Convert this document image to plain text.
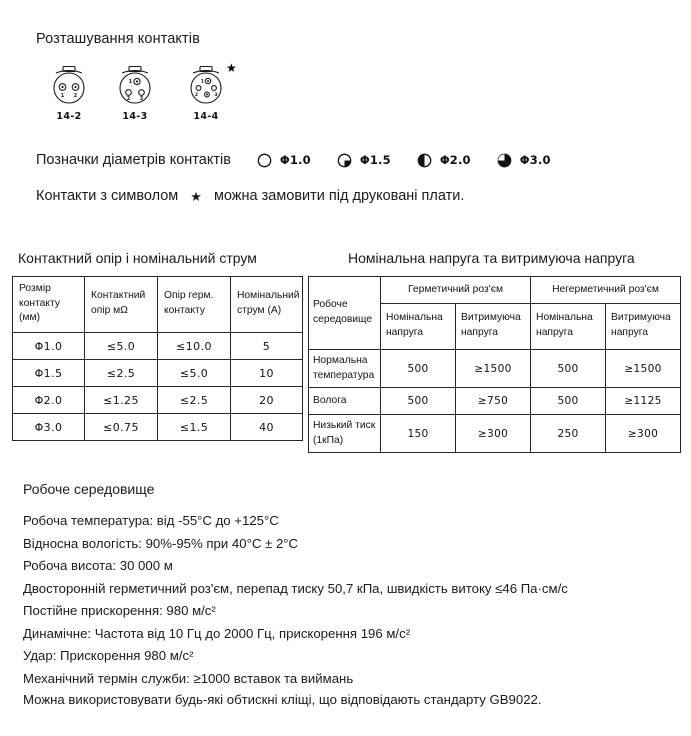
Розташування контактів
1 2
14-2
1
2 3
14-3
1
2	3
★
14-4
Позначки діаметрів контактів	Φ1.0	Φ1.5	Φ2.0	Φ3.0
Контакти з символом ★ можна замовити під друковані плати.
Контактний опір і номінальний струм
Розмір контакту (мм)	Контактний опір мΩ	Опір герм. контакту	Номінальний струм (А)
Φ1.0	≤5.0	≤10.0	5
Φ1.5	≤2.5	≤5.0	10
Φ2.0	≤1.25	≤2.5	20
Φ3.0	≤0.75	≤1.5	40
Номінальна напруга та витримуюча напруга
Робоче середовище	Герметичний роз'єм		Негерметичний роз'єм	
	Номінальна напруга	Витримуюча напруга	Номінальна напруга	Витримуюча напруга
Нормальна температура	500	≥1500	500	≥1500
Волога	500	≥750	500	≥1125
Низький тиск (1кПа)	150	≥300	250	≥300
Робоче середовище
Робоча температура: від -55°C до +125°C
Відносна вологість: 90%-95% при 40°C ± 2°C
Робоча висота: 30 000 м
Двосторонній герметичний роз'єм, перепад тиску 50,7 кПа, швидкість витоку ≤46 Па·см/с
Постійне прискорення: 980 м/с²
Динамічне: Частота від 10 Гц до 2000 Гц, прискорення 196 м/с²
Удар: Прискорення 980 м/с²
Механічний термін служби: ≥1000 вставок та виймань
Можна використовувати будь-які обтискні кліщі, що відповідають стандарту GB9022.
